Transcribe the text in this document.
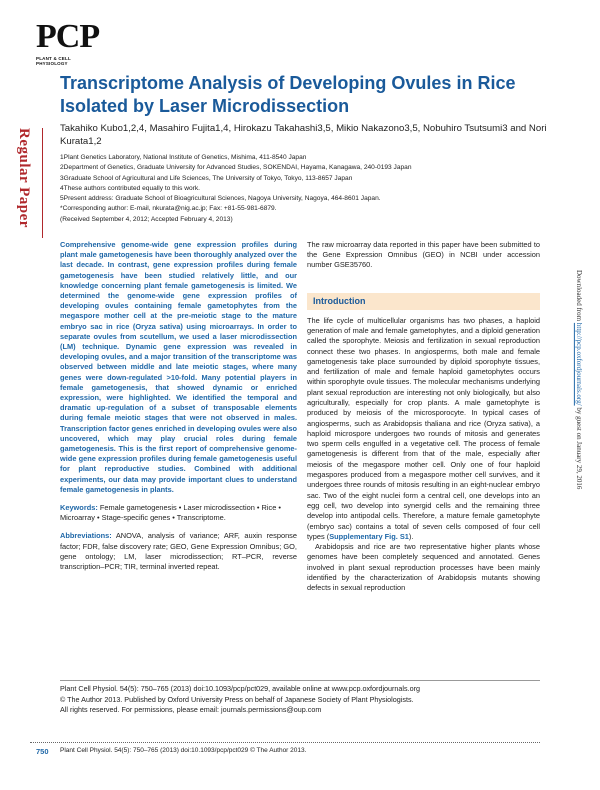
PCP
PLANT & CELL PHYSIOLOGY
Transcriptome Analysis of Developing Ovules in Rice Isolated by Laser Microdissection
Regular Paper	Takahiko Kubo1,2,4, Masahiro Fujita1,4, Hirokazu Takahashi3,5, Mikio Nakazono3,5, Nobuhiro Tsutsumi3 and Nori Kurata1,2
1Plant Genetics Laboratory, National Institute of Genetics, Mishima, 411-8540 Japan
2Department of Genetics, Graduate University for Advanced Studies, SOKENDAI, Hayama, Kanagawa, 240-0193 Japan
3Graduate School of Agricultural and Life Sciences, The University of Tokyo, Tokyo, 113-8657 Japan
4These authors contributed equally to this work.
5Present address: Graduate School of Bioagricultural Sciences, Nagoya University, Nagoya, 464-8601 Japan.
*Corresponding author: E-mail, nkurata@nig.ac.jp; Fax: +81-55-981-6879.
(Received September 4, 2012; Accepted February 4, 2013)

Comprehensive genome-wide gene expression profiles during plant male gametogenesis have been thoroughly analyzed over the last decade. In contrast, gene expression profiles during female gametogenesis have been studied relatively little, and our knowledge concerning plant female gametogenesis is limited. We determined the genome-wide gene expression profiles of developing ovules containing female gametophytes from the megaspore mother cell at the pre-meiotic stage to the mature embryo sac in rice (Oryza sativa) using microarrays. In order to separate ovules from scutellum, we used a laser microdissection (LM) technique. Dynamic gene expression was revealed in developing ovules, and a major transition of the transcriptome was observed between middle and late meiotic stages, where many genes were down-regulated >10-fold. Many potential players in female gametogenesis, that showed dynamic or enriched expression, were highlighted. We identified the temporal and dramatic up-regulation of a subset of transposable elements during female meiotic stages that were not observed in males. Transcription factor genes enriched in developing ovules were also uncovered, which may play crucial roles during female gametogenesis. This is the first report of comprehensive genome-wide gene expression profiles during female gametogenesis useful for plant reproductive studies. Combined with additional experiments, our data may provide important clues to understand female gametogenesis in plants.

Keywords: Female gametogenesis • Laser microdissection • Rice • Microarray • Stage-specific genes • Transcriptome.

Abbreviations: ANOVA, analysis of variance; ARF, auxin response factor; FDR, false discovery rate; GEO, Gene Expression Omnibus; GO, gene ontology; LM, laser microdissection; RT–PCR, reverse transcription–PCR; TIR, terminal inverted repeat.

The raw microarray data reported in this paper have been submitted to the Gene Expression Omnibus (GEO) in NCBI under accession number GSE35760.

Introduction

The life cycle of multicellular organisms has two phases, a haploid generation of male and female gametophytes, and a diploid generation called the sporophyte. Meiosis and fertilization in sexual reproduction connect these two phases. In angiosperms, both male and female gametogenesis take place surrounded by diploid sporophyte tissues, and fertilization of male and female haploid gametophytes occurs within sporophyte ovule tissues. The molecular mechanisms underlying plant sexual reproduction are interesting not only biologically, but also agriculturally, especially for crop plants. A male gametophyte is produced by meiosis of the microsporocyte. In typical cases of angiosperms, such as Arabidopsis thaliana and rice (Oryza sativa), a haploid microspore undergoes two rounds of mitosis and generates two sperm cells engulfed in a vegetative cell. The process of female gametogenesis is different from that of the male, especially after meiosis of the megaspore mother cell. Only one of four haploid megaspores produced from a megaspore mother cell survives, and it undergoes three rounds of mitosis resulting in an eight-nuclear embryo sac. Two of the eight nuclei form a central cell, one develops into an egg cell, two develop into synergid cells and the remaining three develop into antipodal cells. Therefore, a mature female gametophyte (embryo sac) contains a total of seven cells composed of four cell types (Supplementary Fig. S1).

Arabidopsis and rice are two representative higher plants whose genomes have been completely sequenced and annotated. Genes involved in plant sexual reproduction processes have been mainly identified by the characterization of Arabidopsis mutants showing defects in sexual reproduction

Downloaded from http://pcp.oxfordjournals.org/ by guest on January 29, 2016
Plant Cell Physiol. 54(5): 750–765 (2013) doi:10.1093/pcp/pct029, available online at www.pcp.oxfordjournals.org
© The Author 2013. Published by Oxford University Press on behalf of Japanese Society of Plant Physiologists.
All rights reserved. For permissions, please email: journals.permissions@oup.com
750 Plant Cell Physiol. 54(5): 750–765 (2013) doi:10.1093/pcp/pct029 © The Author 2013.
